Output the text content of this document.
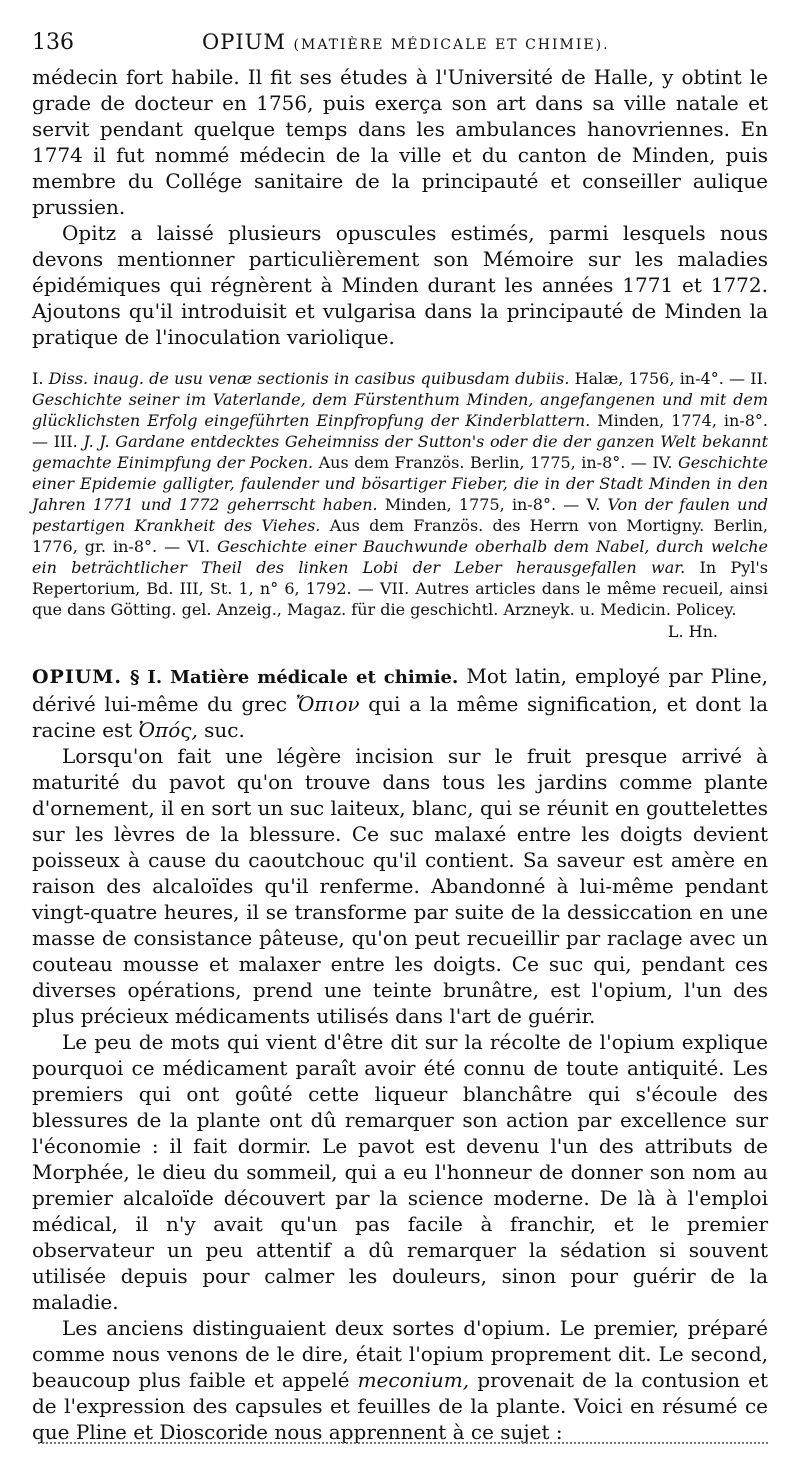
136	OPIUM (MATIÈRE MÉDICALE ET CHIMIE).

médecin fort habile. Il fit ses études à l'Université de Halle, y obtint le grade de docteur en 1756, puis exerça son art dans sa ville natale et servit pendant quelque temps dans les ambulances hanovriennes. En 1774 il fut nommé médecin de la ville et du canton de Minden, puis membre du Collége sanitaire de la principauté et conseiller aulique prussien.

Opitz a laissé plusieurs opuscules estimés, parmi lesquels nous devons mentionner particulièrement son Mémoire sur les maladies épidémiques qui régnèrent à Minden durant les années 1771 et 1772. Ajoutons qu'il introduisit et vulgarisa dans la principauté de Minden la pratique de l'inoculation variolique.

I. Diss. inaug. de usu venæ sectionis in casibus quibusdam dubiis. Halæ, 1756, in-4°. — II. Geschichte seiner im Vaterlande, dem Fürstenthum Minden, angefangenen und mit dem glücklichsten Erfolg eingeführten Einpfropfung der Kinderblattern. Minden, 1774, in-8°. — III. J. J. Gardane entdecktes Geheimniss der Sutton's oder die der ganzen Welt bekannt gemachte Einimpfung der Pocken. Aus dem Französ. Berlin, 1775, in-8°. — IV. Geschichte einer Epidemie galligter, faulender und bösartiger Fieber, die in der Stadt Minden in den Jahren 1771 und 1772 geherrscht haben. Minden, 1775, in-8°. — V. Von der faulen und pestartigen Krankheit des Viehes. Aus dem Französ. des Herrn von Mortigny. Berlin, 1776, gr. in-8°. — VI. Geschichte einer Bauchwunde oberhalb dem Nabel, durch welche ein beträchtlicher Theil des linken Lobi der Leber herausgefallen war. In Pyl's Repertorium, Bd. III, St. 1, n° 6, 1792. — VII. Autres articles dans le même recueil, ainsi que dans Götting. gel. Anzeig., Magaz. für die geschichtl. Arzneyk. u. Medicin. Policey.
L. Hn.

OPIUM. § I. Matière médicale et chimie. Mot latin, employé par Pline, dérivé lui-même du grec Ὄπιον qui a la même signification, et dont la racine est Ὀπός, suc.

Lorsqu'on fait une légère incision sur le fruit presque arrivé à maturité du pavot qu'on trouve dans tous les jardins comme plante d'ornement, il en sort un suc laiteux, blanc, qui se réunit en gouttelettes sur les lèvres de la blessure. Ce suc malaxé entre les doigts devient poisseux à cause du caoutchouc qu'il contient. Sa saveur est amère en raison des alcaloïdes qu'il renferme. Abandonné à lui-même pendant vingt-quatre heures, il se transforme par suite de la dessiccation en une masse de consistance pâteuse, qu'on peut recueillir par raclage avec un couteau mousse et malaxer entre les doigts. Ce suc qui, pendant ces diverses opérations, prend une teinte brunâtre, est l'opium, l'un des plus précieux médicaments utilisés dans l'art de guérir.

Le peu de mots qui vient d'être dit sur la récolte de l'opium explique pourquoi ce médicament paraît avoir été connu de toute antiquité. Les premiers qui ont goûté cette liqueur blanchâtre qui s'écoule des blessures de la plante ont dû remarquer son action par excellence sur l'économie : il fait dormir. Le pavot est devenu l'un des attributs de Morphée, le dieu du sommeil, qui a eu l'honneur de donner son nom au premier alcaloïde découvert par la science moderne. De là à l'emploi médical, il n'y avait qu'un pas facile à franchir, et le premier observateur un peu attentif a dû remarquer la sédation si souvent utilisée depuis pour calmer les douleurs, sinon pour guérir de la maladie.

Les anciens distinguaient deux sortes d'opium. Le premier, préparé comme nous venons de le dire, était l'opium proprement dit. Le second, beaucoup plus faible et appelé meconium, provenait de la contusion et de l'expression des capsules et feuilles de la plante. Voici en résumé ce que Pline et Dioscoride nous apprennent à ce sujet :
